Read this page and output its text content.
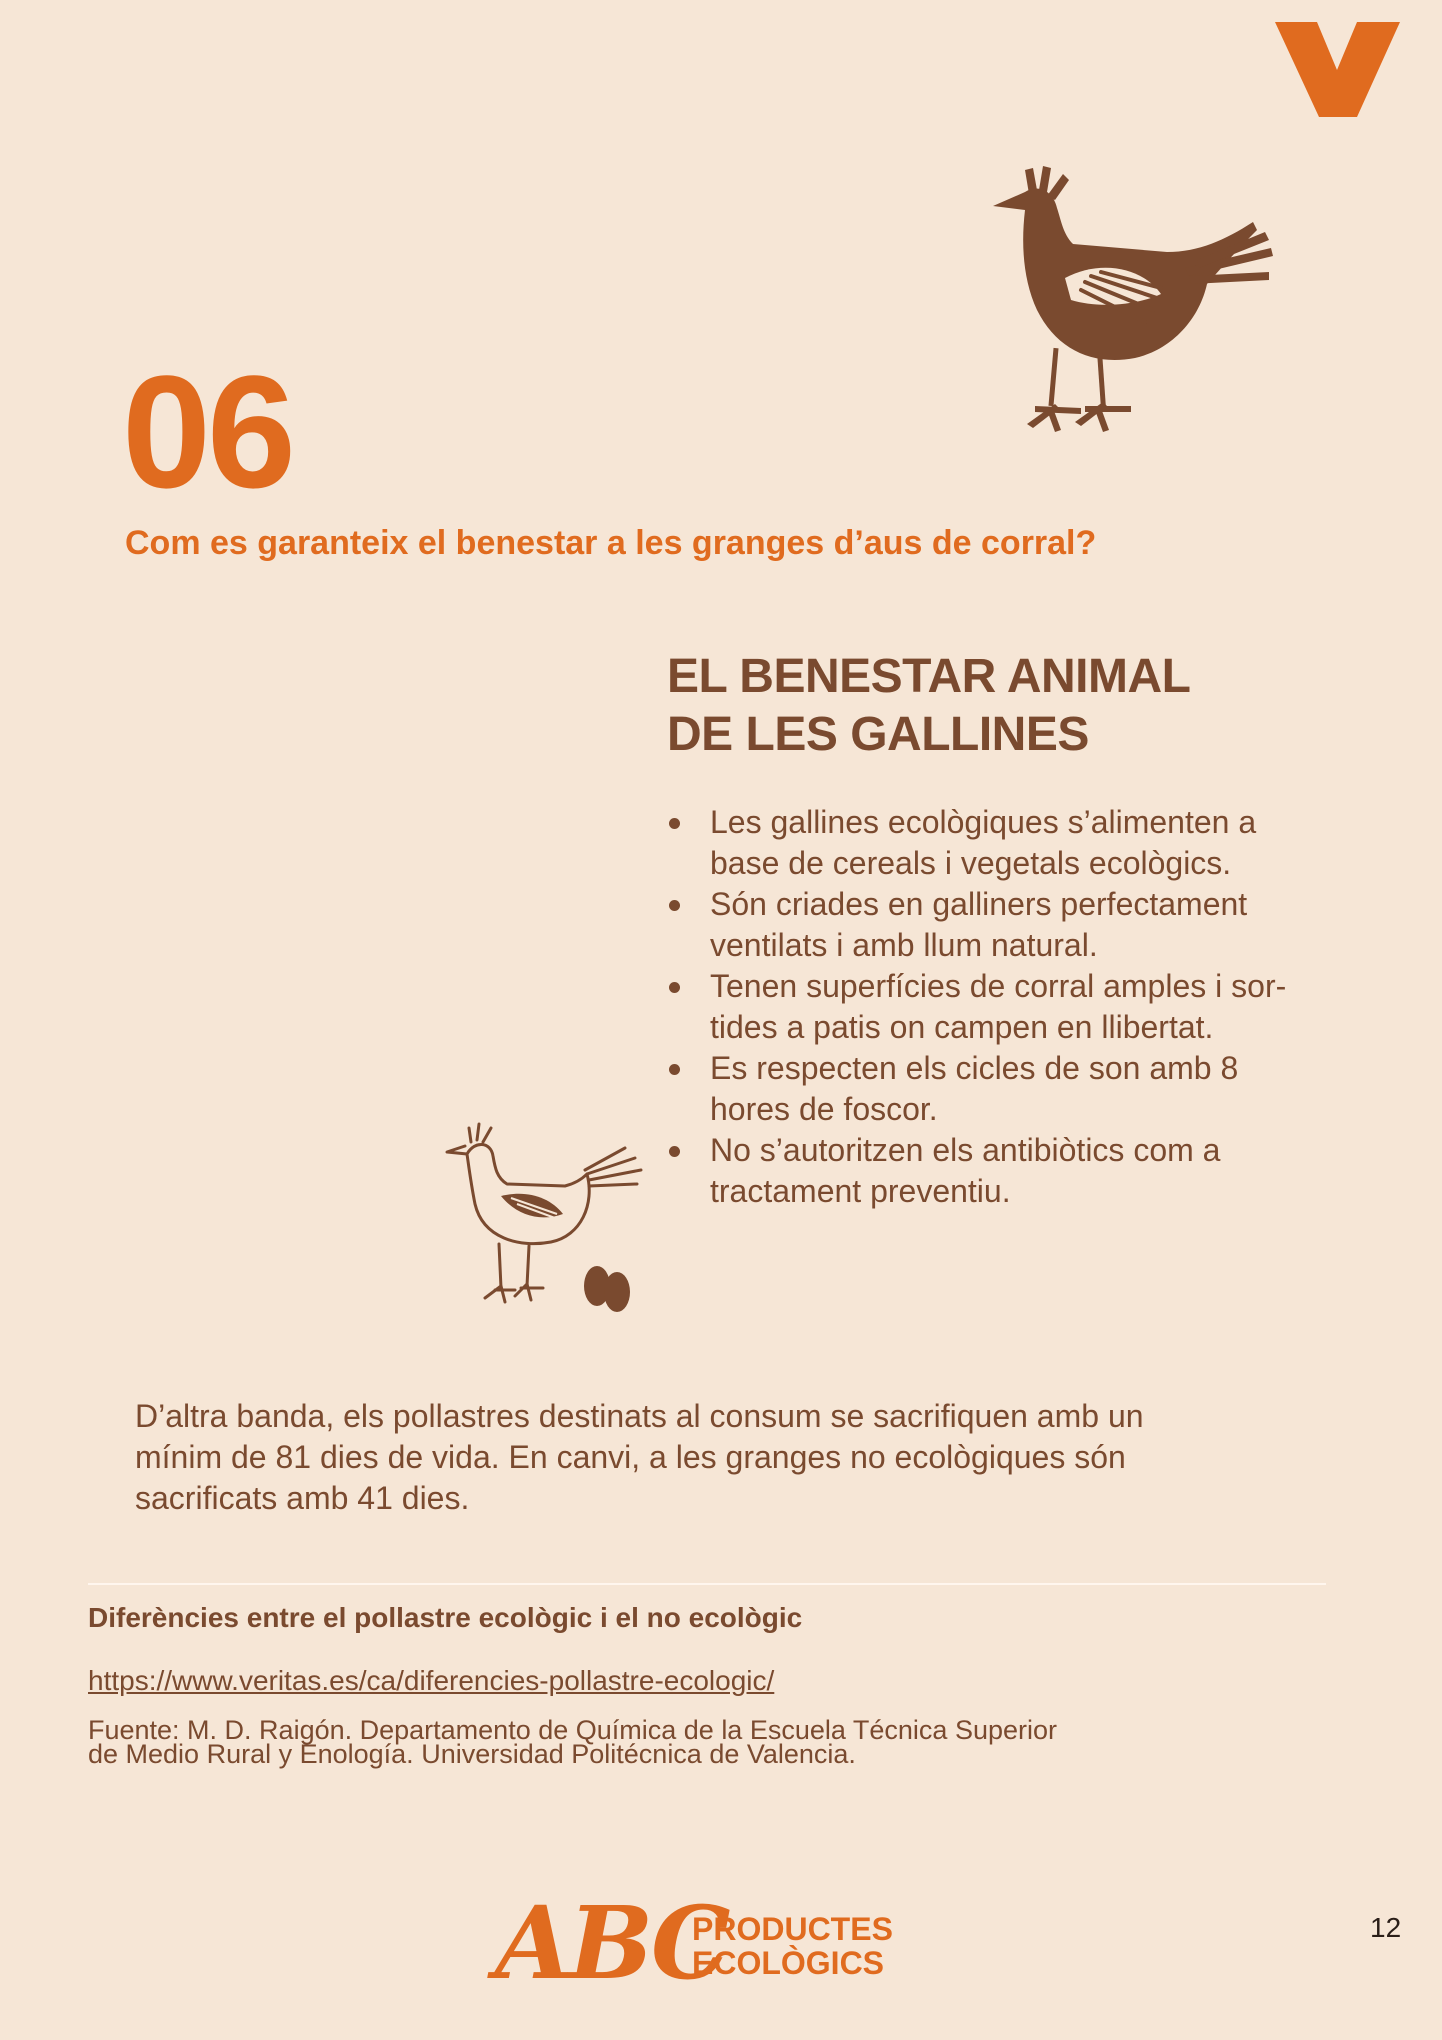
06
Com es garanteix el benestar a les granges d’aus de corral?
EL BENESTAR ANIMAL
DE LES GALLINES
Les gallines ecològiques s’alimenten a
base de cereals i vegetals ecològics.
Són criades en galliners perfectament
ventilats i amb llum natural.
Tenen superfícies de corral amples i sor-
tides a patis on campen en llibertat.
Es respecten els cicles de son amb 8
hores de foscor.
No s’autoritzen els antibiòtics com a
tractament preventiu.

D’altra banda, els pollastres destinats al consum se sacrifiquen amb un
mínim de 81 dies de vida. En canvi, a les granges no ecològiques són
sacrificats amb 41 dies.

Diferències entre el pollastre ecològic i el no ecològic

https://www.veritas.es/ca/diferencies-pollastre-ecologic/

Fuente: M. D. Raigón. Departamento de Química de la Escuela Técnica Superior
de Medio Rural y Enología. Universidad Politécnica de Valencia.

ABC

PRODUCTES
ECOLÒGICS

12
